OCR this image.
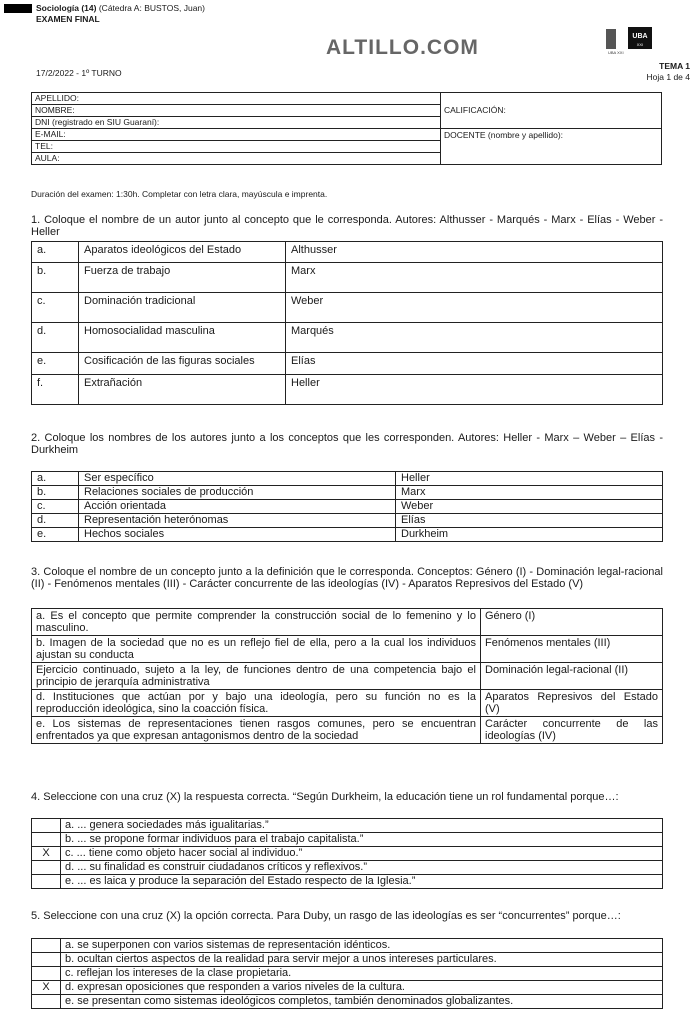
Sociología (14) (Cátedra A: BUSTOS, Juan)
EXAMEN FINAL
ALTILLO.COM
17/2/2022 - 1º TURNO
UBA
XXI
UBA XXI
TEMA 1
Hoja 1 de 4
APELLIDO:	CALIFICACIÓN:
NOMBRE:	
DNI (registrado en SIU Guaraní):	
E-MAIL:	DOCENTE (nombre y apellido):
TEL:	
AULA:	
Duración del examen: 1:30h. Completar con letra clara, mayúscula e imprenta.
1. Coloque el nombre de un autor junto al concepto que le corresponda. Autores: Althusser - Marqués - Marx - Elías - Weber - Heller
a.	Aparatos ideológicos del Estado	Althusser
b.	Fuerza de trabajo	Marx
c.	Dominación tradicional	Weber
d.	Homosocialidad masculina	Marqués
e.	Cosificación de las figuras sociales	Elías
f.	Extrañación	Heller
2. Coloque los nombres de los autores junto a los conceptos que les corresponden. Autores: Heller - Marx – Weber – Elías - Durkheim
a.	Ser específico	Heller
b.	Relaciones sociales de producción	Marx
c.	Acción orientada	Weber
d.	Representación heterónomas	Elías
e.	Hechos sociales	Durkheim
3. Coloque el nombre de un concepto junto a la definición que le corresponda. Conceptos: Género (I) - Dominación legal-racional (II) - Fenómenos mentales (III) - Carácter concurrente de las ideologías (IV) - Aparatos Represivos del Estado (V)
a. Es el concepto que permite comprender la construcción social de lo femenino y lo masculino.	Género (I)
b. Imagen de la sociedad que no es un reflejo fiel de ella, pero a la cual los individuos ajustan su conducta	Fenómenos mentales (III)
Ejercicio continuado, sujeto a la ley, de funciones dentro de una competencia bajo el principio de jerarquía administrativa	Dominación legal-racional (II)
d. Instituciones que actúan por y bajo una ideología, pero su función no es la reproducción ideológica, sino la coacción física.	Aparatos Represivos del Estado (V)
e. Los sistemas de representaciones tienen rasgos comunes, pero se encuentran enfrentados ya que expresan antagonismos dentro de la sociedad	Carácter concurrente de las ideologías (IV)
4. Seleccione con una cruz (X) la respuesta correcta. “Según Durkheim, la educación tiene un rol fundamental porque…:
	a. ... genera sociedades más igualitarias.”
	b. ... se propone formar individuos para el trabajo capitalista.”
X	c. ... tiene como objeto hacer social al individuo.”
	d. ... su finalidad es construir ciudadanos críticos y reflexivos.”
	e. ... es laica y produce la separación del Estado respecto de la Iglesia.”
5. Seleccione con una cruz (X) la opción correcta. Para Duby, un rasgo de las ideologías es ser “concurrentes” porque…:
	a. se superponen con varios sistemas de representación idénticos.
	b. ocultan ciertos aspectos de la realidad para servir mejor a unos intereses particulares.
	c. reflejan los intereses de la clase propietaria.
X	d. expresan oposiciones que responden a varios niveles de la cultura.
	e. se presentan como sistemas ideológicos completos, también denominados globalizantes.
